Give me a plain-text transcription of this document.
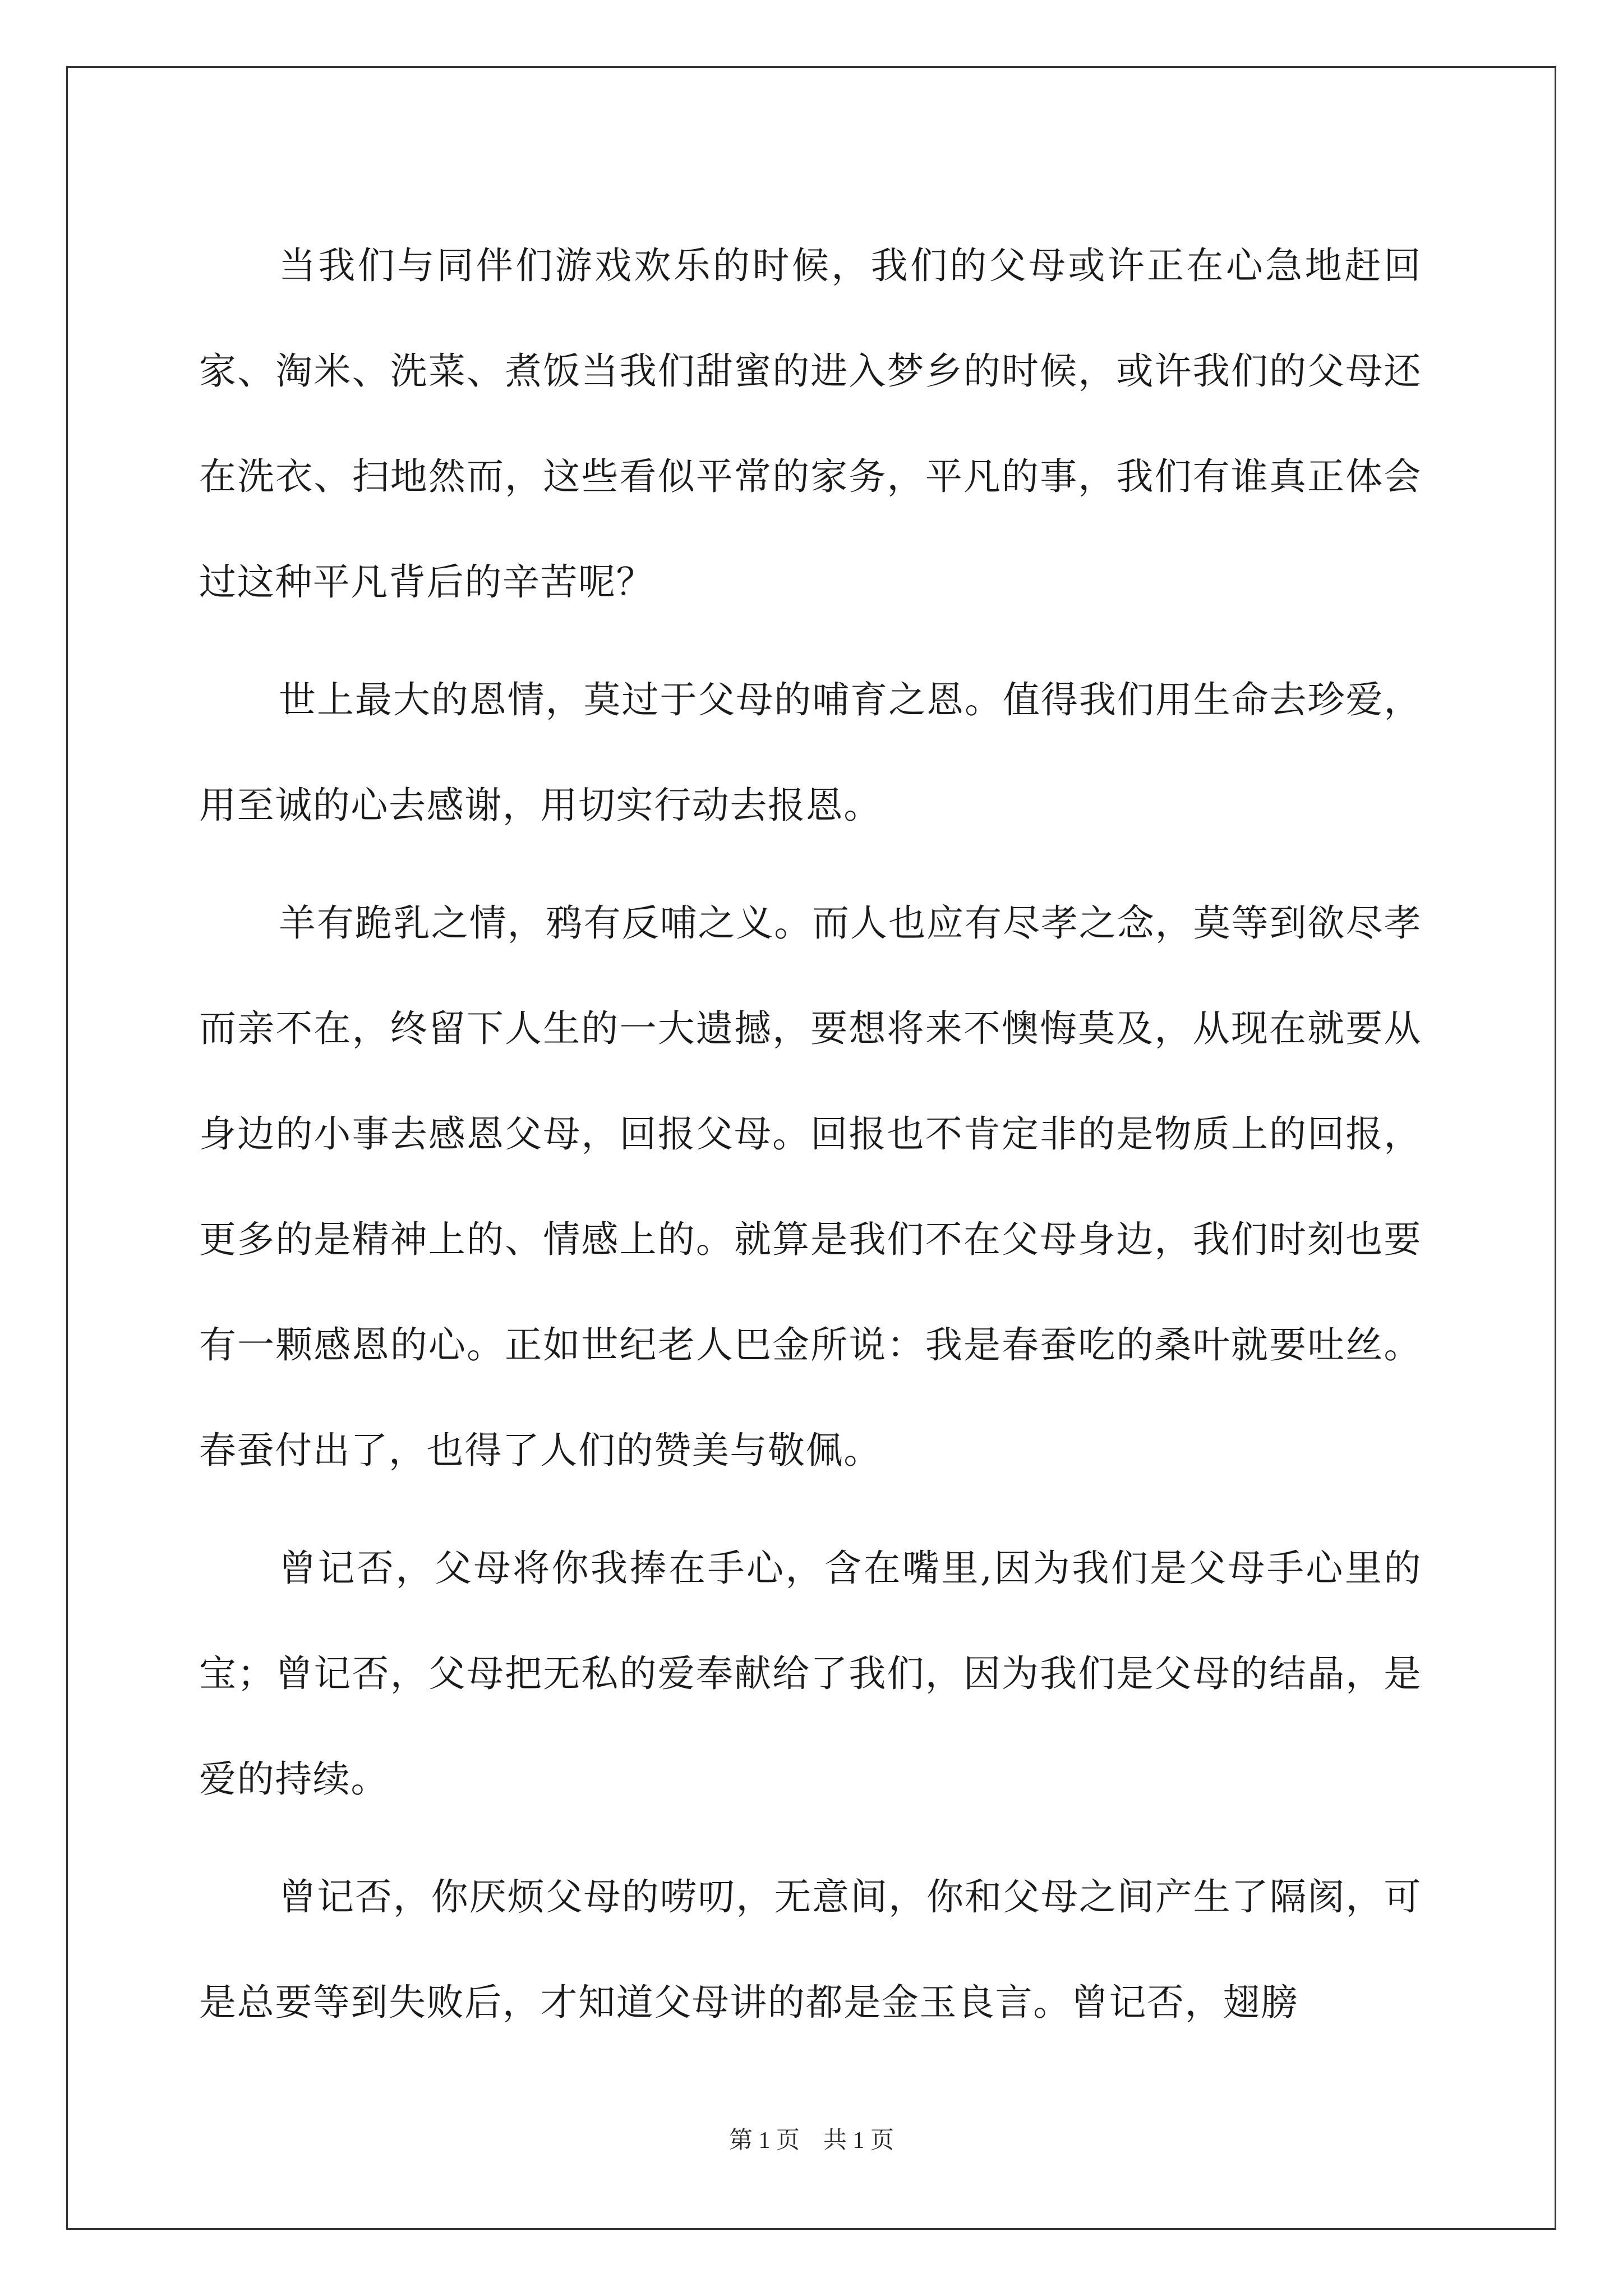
当我们与同伴们游戏欢乐的时候，我们的父母或许正在心急地赶回家、淘米、洗菜、煮饭当我们甜蜜的进入梦乡的时候，或许我们的父母还在洗衣、扫地然而，这些看似平常的家务，平凡的事，我们有谁真正体会过这种平凡背后的辛苦呢？

世上最大的恩情，莫过于父母的哺育之恩。值得我们用生命去珍爱，用至诚的心去感谢，用切实行动去报恩。

羊有跪乳之情，鸦有反哺之义。而人也应有尽孝之念，莫等到欲尽孝而亲不在，终留下人生的一大遗撼，要想将来不懊悔莫及，从现在就要从身边的小事去感恩父母，回报父母。回报也不肯定非的是物质上的回报，更多的是精神上的、情感上的。就算是我们不在父母身边，我们时刻也要有一颗感恩的心。正如世纪老人巴金所说：我是春蚕吃的桑叶就要吐丝。春蚕付出了，也得了人们的赞美与敬佩。

曾记否，父母将你我捧在手心，含在嘴里,因为我们是父母手心里的宝；曾记否，父母把无私的爱奉献给了我们，因为我们是父母的结晶，是爱的持续。

曾记否，你厌烦父母的唠叨，无意间，你和父母之间产生了隔阂，可是总要等到失败后，才知道父母讲的都是金玉良言。曾记否，翅膀

第 1 页 共 1 页
